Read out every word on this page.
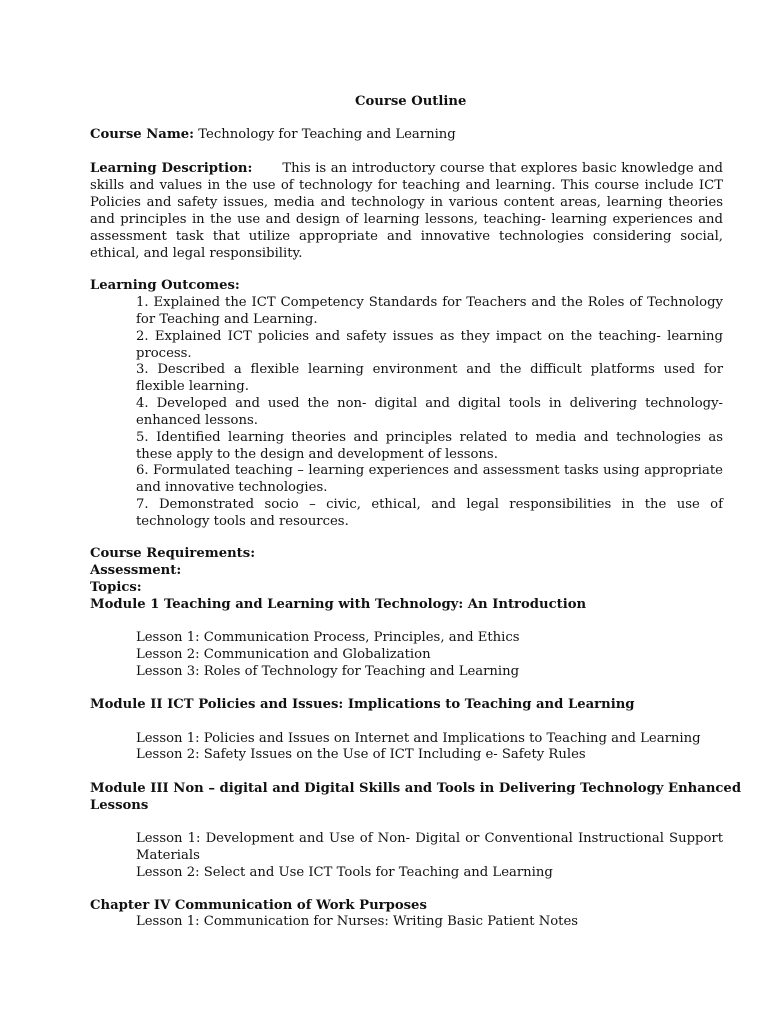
Course Outline
Course Name: Technology for Teaching and Learning
Learning Description: This is an introductory course that explores basic knowledge and
skills and values in the use of technology for teaching and learning. This course include ICT
Policies and safety issues, media and technology in various content areas, learning theories
and principles in the use and design of learning lessons, teaching- learning experiences and
assessment task that utilize appropriate and innovative technologies considering social,
ethical, and legal responsibility.
Learning Outcomes:
1. Explained the ICT Competency Standards for Teachers and the Roles of Technology
for Teaching and Learning.
2. Explained ICT policies and safety issues as they impact on the teaching- learning
process.
3. Described a flexible learning environment and the difficult platforms used for
flexible learning.
4. Developed and used the non- digital and digital tools in delivering technology-
enhanced lessons.
5. Identified learning theories and principles related to media and technologies as
these apply to the design and development of lessons.
6. Formulated teaching – learning experiences and assessment tasks using appropriate
and innovative technologies.
7. Demonstrated socio – civic, ethical, and legal responsibilities in the use of
technology tools and resources.
Course Requirements:
Assessment:
Topics:
Module 1 Teaching and Learning with Technology: An Introduction
Lesson 1: Communication Process, Principles, and Ethics
Lesson 2: Communication and Globalization
Lesson 3: Roles of Technology for Teaching and Learning
Module II ICT Policies and Issues: Implications to Teaching and Learning
Lesson 1: Policies and Issues on Internet and Implications to Teaching and Learning
Lesson 2: Safety Issues on the Use of ICT Including e- Safety Rules
Module III Non – digital and Digital Skills and Tools in Delivering Technology Enhanced
Lessons
Lesson 1: Development and Use of Non- Digital or Conventional Instructional Support
Materials
Lesson 2: Select and Use ICT Tools for Teaching and Learning
Chapter IV Communication of Work Purposes
Lesson 1: Communication for Nurses: Writing Basic Patient Notes
